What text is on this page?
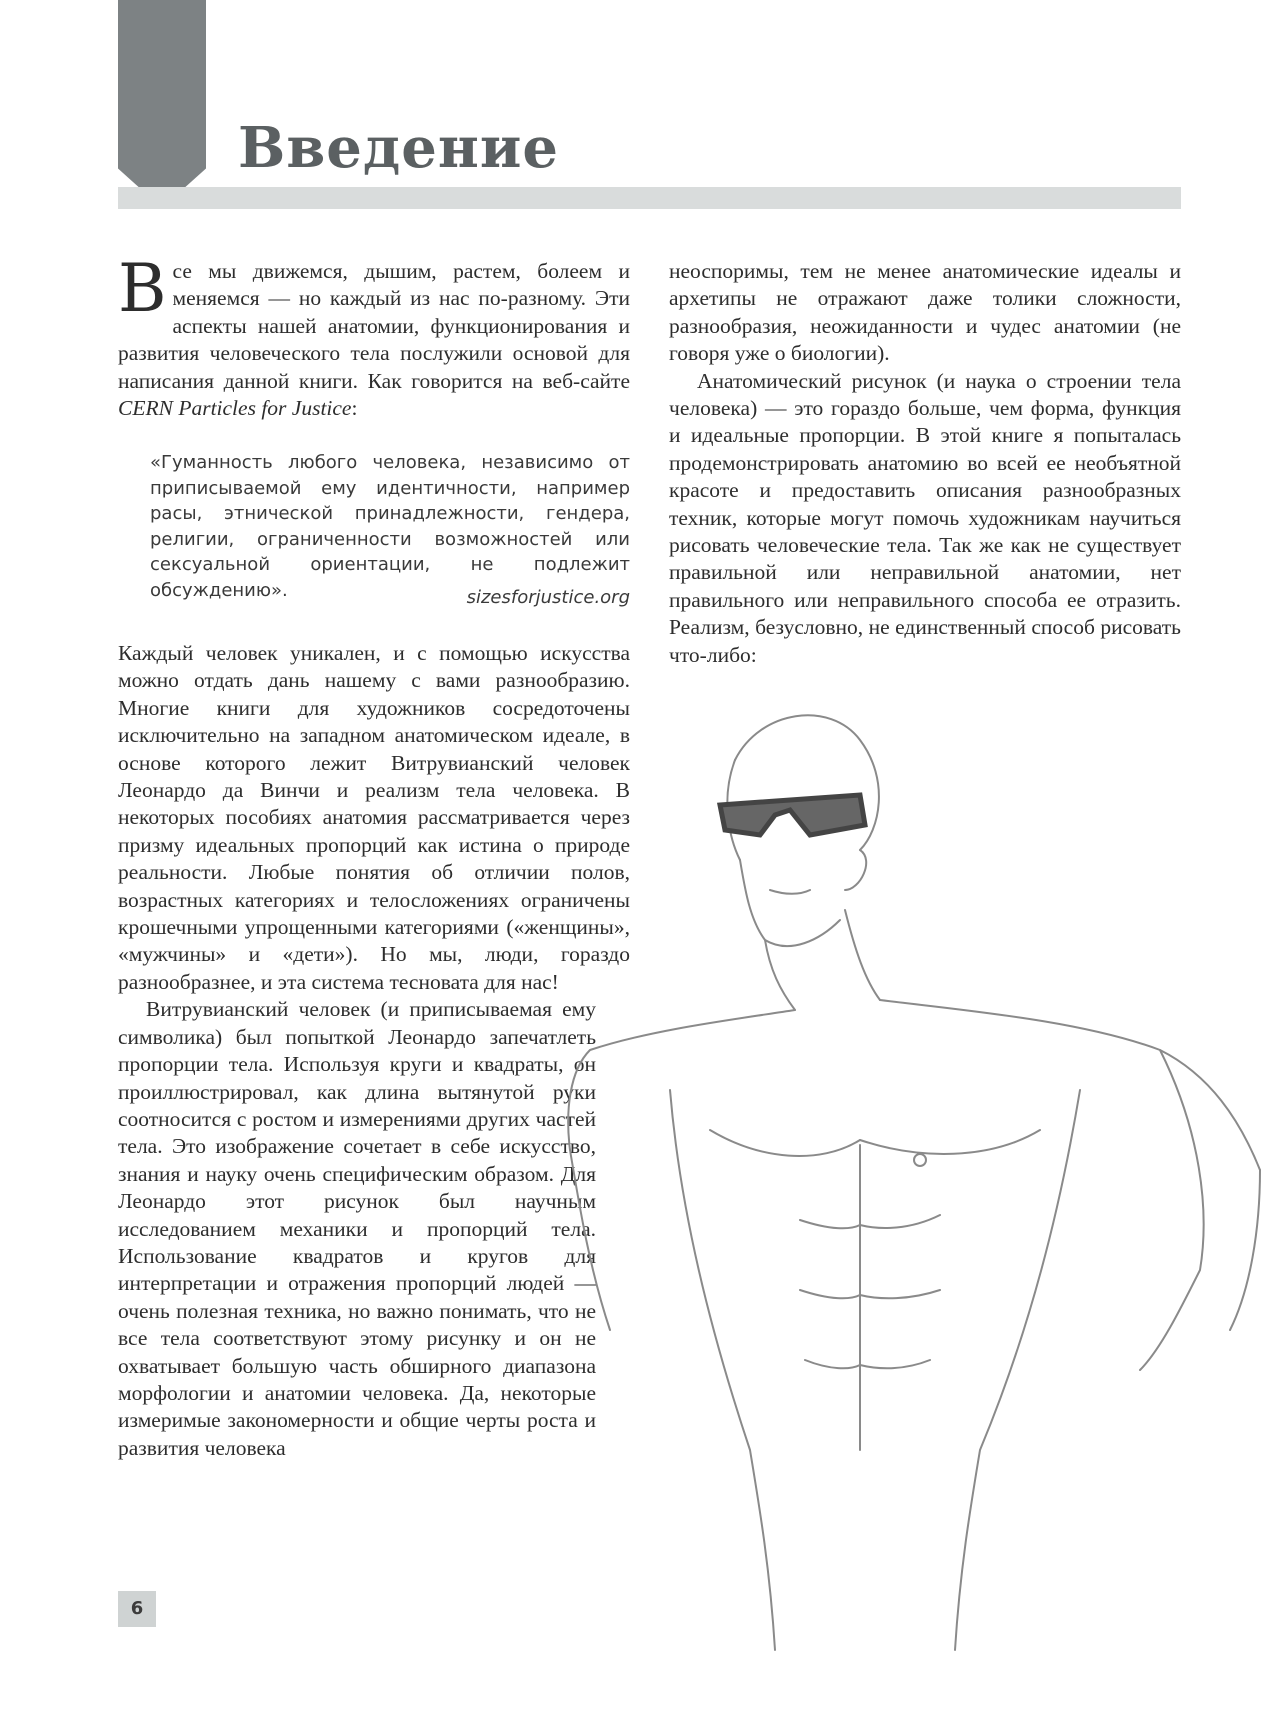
Введение

Все мы движемся, дышим, растем, болеем и меняемся — но каждый из нас по-разному. Эти аспекты нашей анатомии, функционирования и развития человеческого тела послужили основой для написания данной книги. Как говорится на веб-сайте CERN Particles for Justice:

«Гуманность любого человека, независимо от приписываемой ему идентичности, например расы, этнической принадлежности, гендера, религии, ограниченности возможностей или сексуальной ориентации, не подлежит обсуждению».	sizesforjustice.org

Каждый человек уникален, и с помощью искусства можно отдать дань нашему с вами разнообразию. Многие книги для художников сосредоточены исключительно на западном анатомическом идеале, в основе которого лежит Витрувианский человек Леонардо да Винчи и реализм тела человека. В некоторых пособиях анатомия рассматривается через призму идеальных пропорций как истина о природе реальности. Любые понятия об отличии полов, возрастных категориях и телосложениях ограничены крошечными упрощенными категориями («женщины», «мужчины» и «дети»). Но мы, люди, гораздо разнообразнее, и эта система тесновата для нас!

Витрувианский человек (и приписываемая ему символика) был попыткой Леонардо запечатлеть пропорции тела. Используя круги и квадраты, он проиллюстрировал, как длина вытянутой руки соотносится с ростом и измерениями других частей тела. Это изображение сочетает в себе искусство, знания и науку очень специфическим образом. Для Леонардо этот рисунок был научным исследованием механики и пропорций тела. Использование квадратов и кругов для интерпретации и отражения пропорций людей — очень полезная техника, но важно понимать, что не все тела соответствуют этому рисунку и он не охватывает большую часть обширного диапазона морфологии и анатомии человека. Да, некоторые измеримые закономерности и общие черты роста и развития человека

неоспоримы, тем не менее анатомические идеалы и архетипы не отражают даже толики сложности, разнообразия, неожиданности и чудес анатомии (не говоря уже о биологии).

Анатомический рисунок (и наука о строении тела человека) — это гораздо больше, чем форма, функция и идеальные пропорции. В этой книге я попыталась продемонстрировать анатомию во всей ее необъятной красоте и предоставить описания разнообразных техник, которые могут помочь художникам научиться рисовать человеческие тела. Так же как не существует правильной или неправильной анатомии, нет правильного или неправильного способа ее отразить. Реализм, безусловно, не единственный способ рисовать что-либо:

6
